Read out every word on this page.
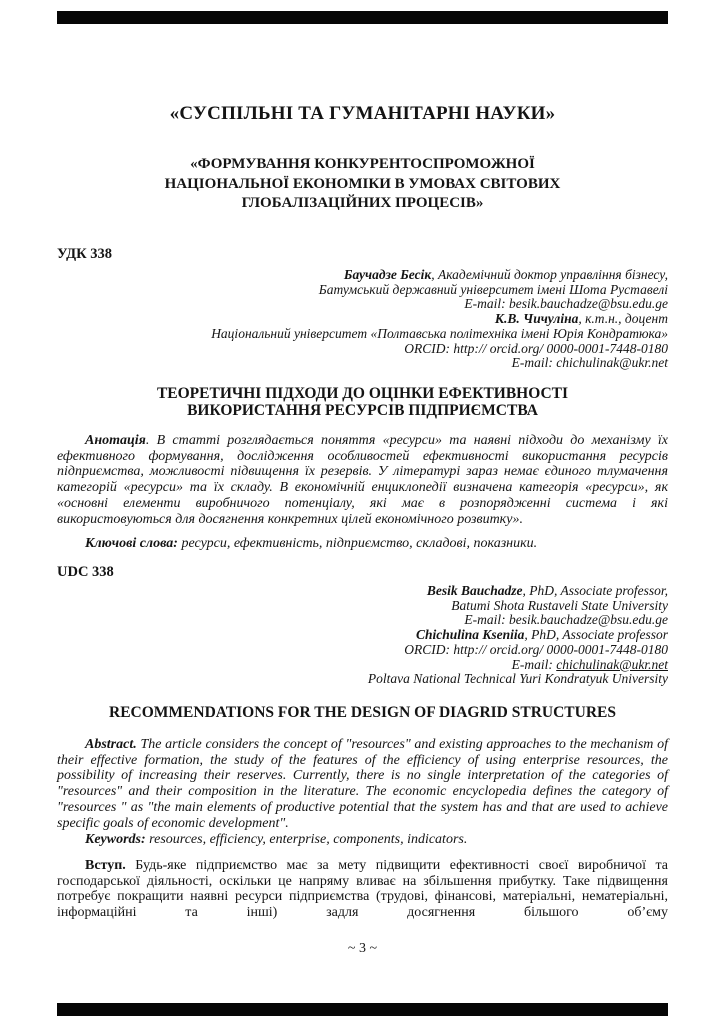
«СУСПІЛЬНІ ТА ГУМАНІТАРНІ НАУКИ»
«ФОРМУВАННЯ КОНКУРЕНТОСПРОМОЖНОЇ
НАЦІОНАЛЬНОЇ ЕКОНОМІКИ В УМОВАХ СВІТОВИХ
ГЛОБАЛІЗАЦІЙНИХ ПРОЦЕСІВ»
УДК 338
Баучадзе Бесік, Академічний доктор управління бізнесу,
Батумський державний університет імені Шота Руставелі
E-mail: besik.bauchadze@bsu.edu.ge
К.В. Чичуліна, к.т.н., доцент
Національний університет «Полтавська політехніка імені Юрія Кондратюка»
ORCID: http:// orcid.org/ 0000-0001-7448-0180
E-mail: chichulinak@ukr.net
ТЕОРЕТИЧНІ ПІДХОДИ ДО ОЦІНКИ ЕФЕКТИВНОСТІ
ВИКОРИСТАННЯ РЕСУРСІВ ПІДПРИЄМСТВА

Анотація. В статті розглядається поняття «ресурси» та наявні підходи до механізму їх ефективного формування, дослідження особливостей ефективності використання ресурсів підприємства, можливості підвищення їх резервів. У літературі зараз немає єдиного тлумачення категорій «ресурси» та їх складу. В економічній енциклопедії визначена категорія «ресурси», як «основні елементи виробничого потенціалу, які має в розпорядженні система і які використовуються для досягнення конкретних цілей економічного розвитку».

Ключові слова: ресурси, ефективність, підприємство, складові, показники.

UDC 338
Besik Bauchadze, PhD, Associate professor,
Batumi Shota Rustaveli State University
E-mail: besik.bauchadze@bsu.edu.ge
Chichulina Kseniia, PhD, Associate professor
ORCID: http:// orcid.org/ 0000-0001-7448-0180
E-mail: chichulinak@ukr.net
Poltava National Technical Yuri Kondratyuk University
RECOMMENDATIONS FOR THE DESIGN OF DIAGRID STRUCTURES

Abstract. The article considers the concept of "resources" and existing approaches to the mechanism of their effective formation, the study of the features of the efficiency of using enterprise resources, the possibility of increasing their reserves. Currently, there is no single interpretation of the categories of "resources" and their composition in the literature. The economic encyclopedia defines the category of "resources " as "the main elements of productive potential that the system has and that are used to achieve specific goals of economic development".

Keywords: resources, efficiency, enterprise, components, indicators.

Вступ. Будь-яке підприємство має за мету підвищити ефективності своєї виробничої та господарської діяльності, оскільки це напряму вливає на збільшення прибутку. Таке підвищення потребує покращити наявні ресурси підприємства (трудові, фінансові, матеріальні, нематеріальні, інформаційні та інші) задля досягнення більшого об’єму

~ 3 ~
